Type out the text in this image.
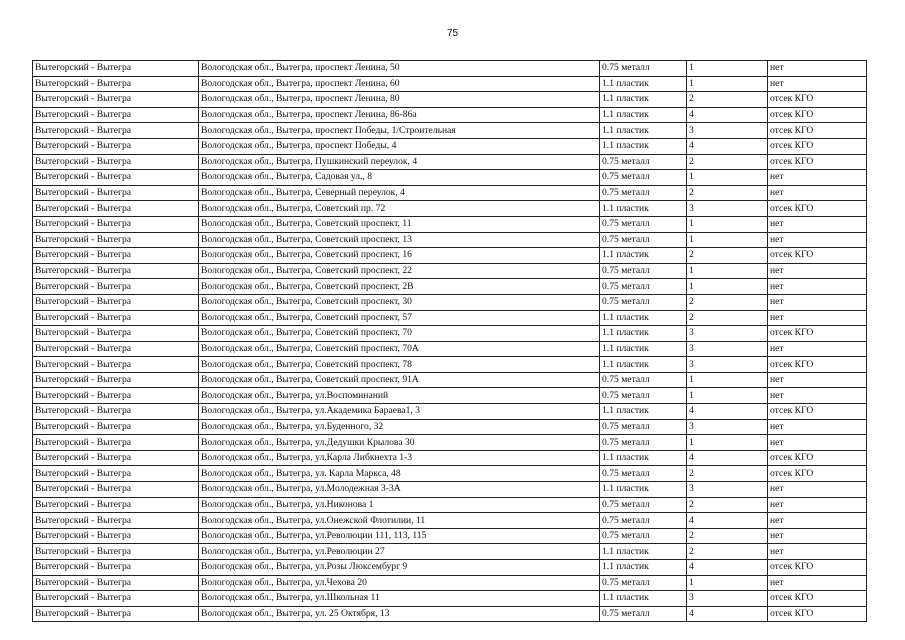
75
Вытегорский - Вытегра	Вологодская обл., Вытегра, проспект Ленина, 50	0.75 металл	1	нет
Вытегорский - Вытегра	Вологодская обл., Вытегра, проспект Ленина, 60	1.1 пластик	1	нет
Вытегорский - Вытегра	Вологодская обл., Вытегра, проспект Ленина, 80	1.1 пластик	2	отсек КГО
Вытегорский - Вытегра	Вологодская обл., Вытегра, проспект Ленина, 86-86а	1.1 пластик	4	отсек КГО
Вытегорский - Вытегра	Вологодская обл., Вытегра, проспект Победы, 1/Строительная	1.1 пластик	3	отсек КГО
Вытегорский - Вытегра	Вологодская обл., Вытегра, проспект Победы, 4	1.1 пластик	4	отсек КГО
Вытегорский - Вытегра	Вологодская обл., Вытегра, Пушкинский переулок, 4	0.75 металл	2	отсек КГО
Вытегорский - Вытегра	Вологодская обл., Вытегра, Садовая ул., 8	0.75 металл	1	нет
Вытегорский - Вытегра	Вологодская обл., Вытегра, Северный переулок, 4	0.75 металл	2	нет
Вытегорский - Вытегра	Вологодская обл., Вытегра, Советский пр. 72	1.1 пластик	3	отсек КГО
Вытегорский - Вытегра	Вологодская обл., Вытегра, Советский проспект, 11	0.75 металл	1	нет
Вытегорский - Вытегра	Вологодская обл., Вытегра, Советский проспект, 13	0.75 металл	1	нет
Вытегорский - Вытегра	Вологодская обл., Вытегра, Советский проспект, 16	1.1 пластик	2	отсек КГО
Вытегорский - Вытегра	Вологодская обл., Вытегра, Советский проспект, 22	0.75 металл	1	нет
Вытегорский - Вытегра	Вологодская обл., Вытегра, Советский проспект, 2В	0.75 металл	1	нет
Вытегорский - Вытегра	Вологодская обл., Вытегра, Советский проспект, 30	0.75 металл	2	нет
Вытегорский - Вытегра	Вологодская обл., Вытегра, Советский проспект, 57	1.1 пластик	2	нет
Вытегорский - Вытегра	Вологодская обл., Вытегра, Советский проспект, 70	1.1 пластик	3	отсек КГО
Вытегорский - Вытегра	Вологодская обл., Вытегра, Советский проспект, 70А	1.1 пластик	3	нет
Вытегорский - Вытегра	Вологодская обл., Вытегра, Советский проспект, 78	1.1 пластик	3	отсек КГО
Вытегорский - Вытегра	Вологодская обл., Вытегра, Советский проспект, 91А	0.75 металл	1	нет
Вытегорский - Вытегра	Вологодская обл., Вытегра, ул.Воспоминаний	0.75 металл	1	нет
Вытегорский - Вытегра	Вологодская обл., Вытегра, ул.Академика Бараева1, 3	1.1 пластик	4	отсек КГО
Вытегорский - Вытегра	Вологодская обл., Вытегра, ул.Буденного, 32	0.75 металл	3	нет
Вытегорский - Вытегра	Вологодская обл., Вытегра, ул.Дедушки Крылова 30	0.75 металл	1	нет
Вытегорский - Вытегра	Вологодская обл., Вытегра, ул.Карла Либкнехта 1-3	1.1 пластик	4	отсек КГО
Вытегорский - Вытегра	Вологодская обл., Вытегра, ул. Карла Маркса, 48	0.75 металл	2	отсек КГО
Вытегорский - Вытегра	Вологодская обл., Вытегра, ул.Молодежная 3-3А	1.1 пластик	3	нет
Вытегорский - Вытегра	Вологодская обл., Вытегра, ул.Никонова 1	0.75 металл	2	нет
Вытегорский - Вытегра	Вологодская обл., Вытегра, ул.Онежской Флотилии, 11	0.75 металл	4	нет
Вытегорский - Вытегра	Вологодская обл., Вытегра, ул.Революции 111, 113, 115	0.75 металл	2	нет
Вытегорский - Вытегра	Вологодская обл., Вытегра, ул.Революции 27	1.1 пластик	2	нет
Вытегорский - Вытегра	Вологодская обл., Вытегра, ул.Розы Люксембург 9	1.1 пластик	4	отсек КГО
Вытегорский - Вытегра	Вологодская обл., Вытегра, ул.Чехова 20	0.75 металл	1	нет
Вытегорский - Вытегра	Вологодская обл., Вытегра, ул.Школьная 11	1.1 пластик	3	отсек КГО
Вытегорский - Вытегра	Вологодская обл., Вытегра, ул. 25 Октября, 13	0.75 металл	4	отсек КГО
